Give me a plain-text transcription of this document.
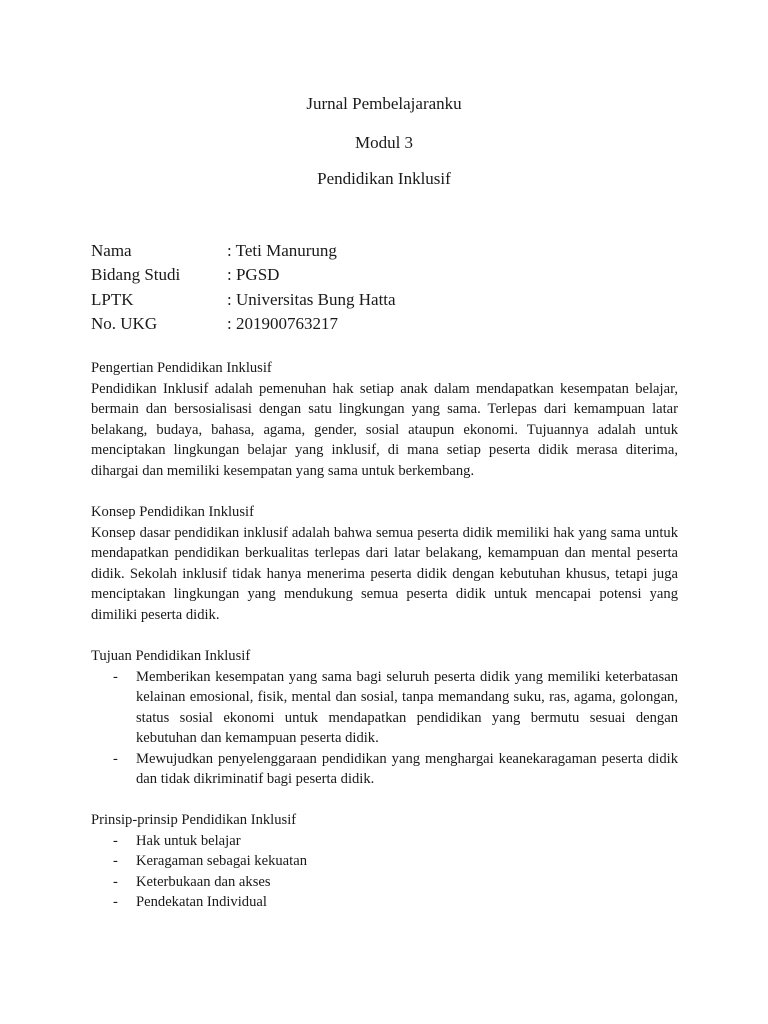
Jurnal Pembelajaranku
Modul 3
Pendidikan Inklusif
Nama	: Teti Manurung
Bidang Studi	: PGSD
LPTK	: Universitas Bung Hatta
No. UKG	: 201900763217

Pengertian Pendidikan Inklusif

Pendidikan Inklusif adalah pemenuhan hak setiap anak dalam mendapatkan kesempatan belajar, bermain dan bersosialisasi dengan satu lingkungan yang sama. Terlepas dari kemampuan latar belakang, budaya, bahasa, agama, gender, sosial ataupun ekonomi. Tujuannya adalah untuk menciptakan lingkungan belajar yang inklusif, di mana setiap peserta didik merasa diterima, dihargai dan memiliki kesempatan yang sama untuk berkembang.

Konsep Pendidikan Inklusif

Konsep dasar pendidikan inklusif adalah bahwa semua peserta didik memiliki hak yang sama untuk mendapatkan pendidikan berkualitas terlepas dari latar belakang, kemampuan dan mental peserta didik. Sekolah inklusif tidak hanya menerima peserta didik dengan kebutuhan khusus, tetapi juga menciptakan lingkungan yang mendukung semua peserta didik untuk mencapai potensi yang dimiliki peserta didik.

Tujuan Pendidikan Inklusif

-	Memberikan kesempatan yang sama bagi seluruh peserta didik yang memiliki keterbatasan kelainan emosional, fisik, mental dan sosial, tanpa memandang suku, ras, agama, golongan, status sosial ekonomi untuk mendapatkan pendidikan yang bermutu sesuai dengan kebutuhan dan kemampuan peserta didik.
-	Mewujudkan penyelenggaraan pendidikan yang menghargai keanekaragaman peserta didik dan tidak dikriminatif bagi peserta didik.

Prinsip-prinsip Pendidikan Inklusif

-	Hak untuk belajar
-	Keragaman sebagai kekuatan
-	Keterbukaan dan akses
-	Pendekatan Individual
